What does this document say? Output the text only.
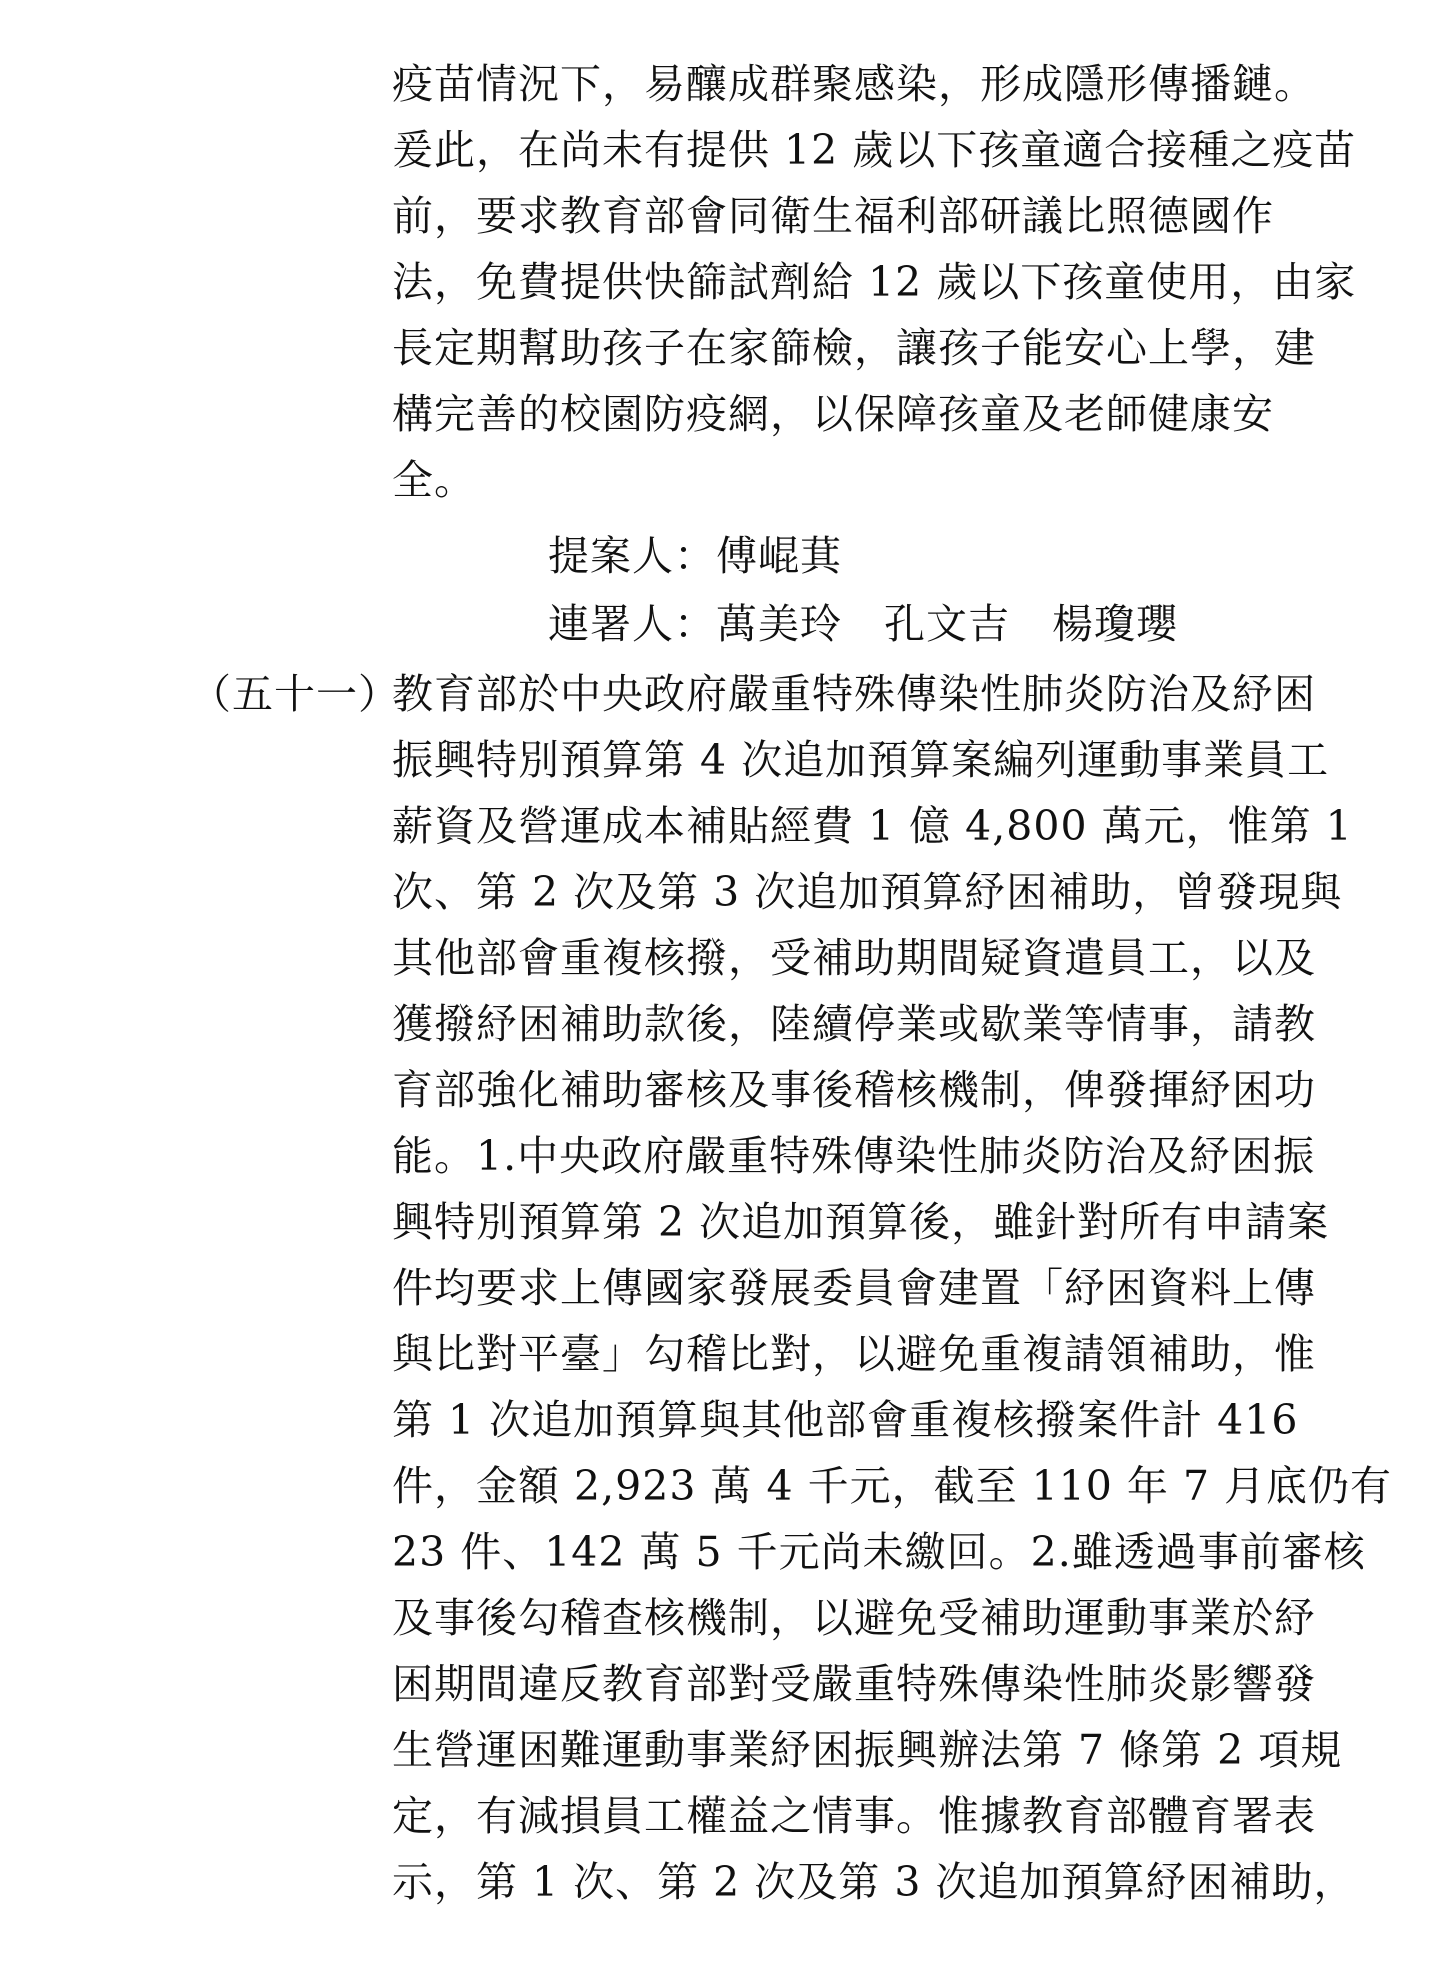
疫苗情況下，易釀成群聚感染，形成隱形傳播鏈。
爰此，在尚未有提供 12 歲以下孩童適合接種之疫苗
前，要求教育部會同衛生福利部研議比照德國作
法，免費提供快篩試劑給 12 歲以下孩童使用，由家
長定期幫助孩子在家篩檢，讓孩子能安心上學，建
構完善的校園防疫網，以保障孩童及老師健康安
全。
提案人：傅崐萁
連署人：萬美玲　孔文吉　楊瓊瓔
（五十一）
教育部於中央政府嚴重特殊傳染性肺炎防治及紓困
振興特別預算第 4 次追加預算案編列運動事業員工
薪資及營運成本補貼經費 1 億 4,800 萬元，惟第 1
次、第 2 次及第 3 次追加預算紓困補助，曾發現與
其他部會重複核撥，受補助期間疑資遣員工，以及
獲撥紓困補助款後，陸續停業或歇業等情事，請教
育部強化補助審核及事後稽核機制，俾發揮紓困功
能。1.中央政府嚴重特殊傳染性肺炎防治及紓困振
興特別預算第 2 次追加預算後，雖針對所有申請案
件均要求上傳國家發展委員會建置「紓困資料上傳
與比對平臺」勾稽比對，以避免重複請領補助，惟
第 1 次追加預算與其他部會重複核撥案件計 416
件，金額 2,923 萬 4 千元，截至 110 年 7 月底仍有
23 件、142 萬 5 千元尚未繳回。2.雖透過事前審核
及事後勾稽查核機制，以避免受補助運動事業於紓
困期間違反教育部對受嚴重特殊傳染性肺炎影響發
生營運困難運動事業紓困振興辦法第 7 條第 2 項規
定，有減損員工權益之情事。惟據教育部體育署表
示，第 1 次、第 2 次及第 3 次追加預算紓困補助，
